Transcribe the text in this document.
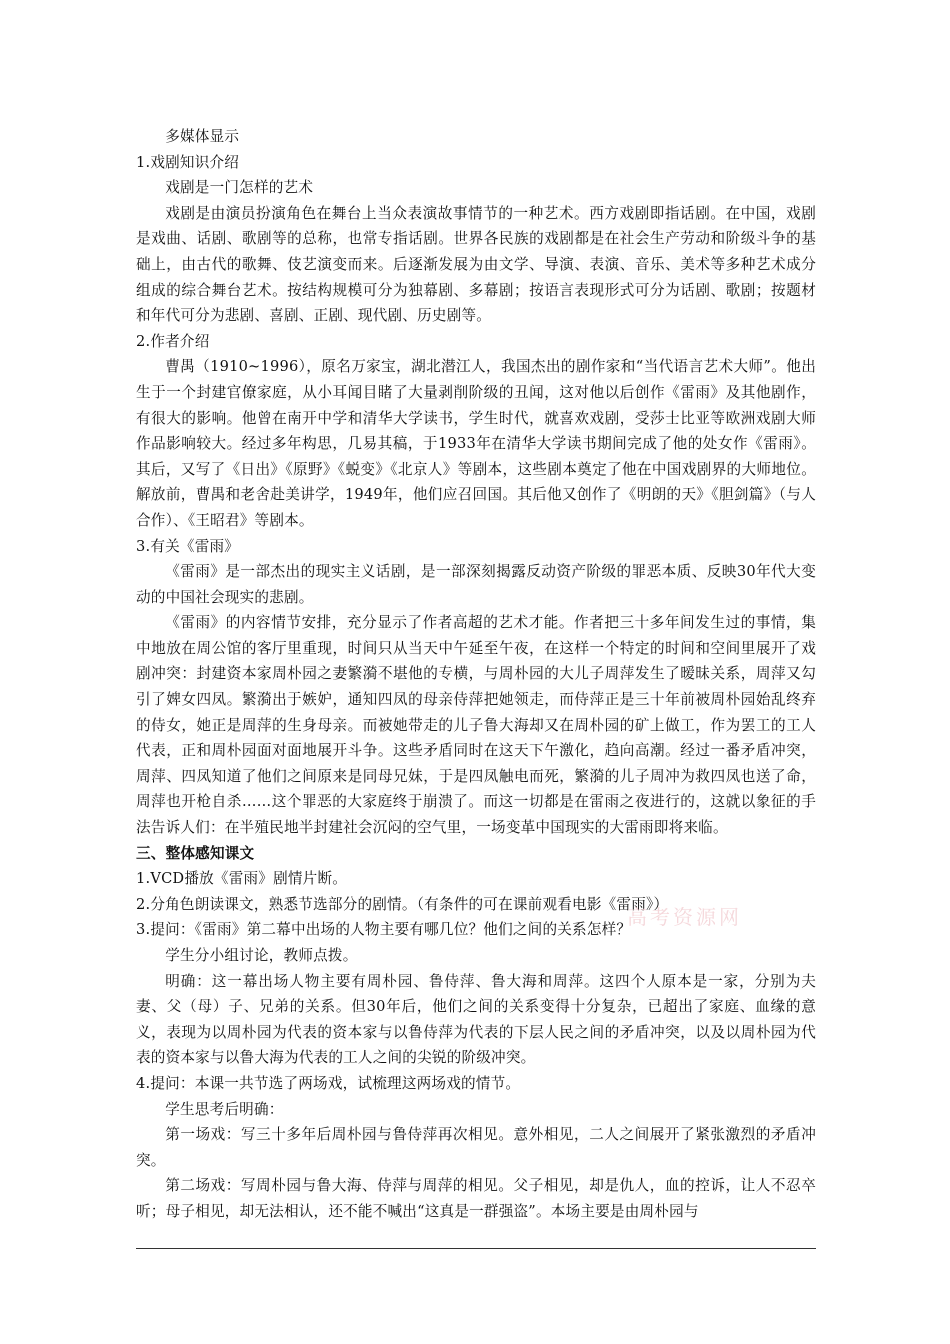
多媒体显示
1.戏剧知识介绍
戏剧是一门怎样的艺术
戏剧是由演员扮演角色在舞台上当众表演故事情节的一种艺术。西方戏剧即指话剧。在中国，戏剧是戏曲、话剧、歌剧等的总称，也常专指话剧。世界各民族的戏剧都是在社会生产劳动和阶级斗争的基础上，由古代的歌舞、伎艺演变而来。后逐渐发展为由文学、导演、表演、音乐、美术等多种艺术成分组成的综合舞台艺术。按结构规模可分为独幕剧、多幕剧；按语言表现形式可分为话剧、歌剧；按题材和年代可分为悲剧、喜剧、正剧、现代剧、历史剧等。
2.作者介绍
曹禺（1910~1996），原名万家宝，湖北潜江人，我国杰出的剧作家和“当代语言艺术大师”。他出生于一个封建官僚家庭，从小耳闻目睹了大量剥削阶级的丑闻，这对他以后创作《雷雨》及其他剧作，有很大的影响。他曾在南开中学和清华大学读书，学生时代，就喜欢戏剧，受莎士比亚等欧洲戏剧大师作品影响较大。经过多年构思，几易其稿，于1933年在清华大学读书期间完成了他的处女作《雷雨》。其后，又写了《日出》《原野》《蜕变》《北京人》等剧本，这些剧本奠定了他在中国戏剧界的大师地位。解放前，曹禺和老舍赴美讲学，1949年，他们应召回国。其后他又创作了《明朗的天》《胆剑篇》（与人合作）、《王昭君》等剧本。
3.有关《雷雨》
《雷雨》是一部杰出的现实主义话剧，是一部深刻揭露反动资产阶级的罪恶本质、反映30年代大变动的中国社会现实的悲剧。
《雷雨》的内容情节安排，充分显示了作者高超的艺术才能。作者把三十多年间发生过的事情，集中地放在周公馆的客厅里重现，时间只从当天中午延至午夜，在这样一个特定的时间和空间里展开了戏剧冲突：封建资本家周朴园之妻繁漪不堪他的专横，与周朴园的大儿子周萍发生了暧昧关系，周萍又勾引了婢女四凤。繁漪出于嫉妒，通知四凤的母亲侍萍把她领走，而侍萍正是三十年前被周朴园始乱终弃的侍女，她正是周萍的生身母亲。而被她带走的儿子鲁大海却又在周朴园的矿上做工，作为罢工的工人代表，正和周朴园面对面地展开斗争。这些矛盾同时在这天下午激化，趋向高潮。经过一番矛盾冲突，周萍、四凤知道了他们之间原来是同母兄妹，于是四凤触电而死，繁漪的儿子周冲为救四凤也送了命，周萍也开枪自杀……这个罪恶的大家庭终于崩溃了。而这一切都是在雷雨之夜进行的，这就以象征的手法告诉人们：在半殖民地半封建社会沉闷的空气里，一场变革中国现实的大雷雨即将来临。
三、整体感知课文
1.VCD播放《雷雨》剧情片断。
2.分角色朗读课文，熟悉节选部分的剧情。（有条件的可在课前观看电影《雷雨》）
3.提问：《雷雨》第二幕中出场的人物主要有哪几位？他们之间的关系怎样？
学生分小组讨论，教师点拨。
明确：这一幕出场人物主要有周朴园、鲁侍萍、鲁大海和周萍。这四个人原本是一家，分别为夫妻、父（母）子、兄弟的关系。但30年后，他们之间的关系变得十分复杂，已超出了家庭、血缘的意义，表现为以周朴园为代表的资本家与以鲁侍萍为代表的下层人民之间的矛盾冲突，以及以周朴园为代表的资本家与以鲁大海为代表的工人之间的尖锐的阶级冲突。
4.提问：本课一共节选了两场戏，试梳理这两场戏的情节。
学生思考后明确：
第一场戏：写三十多年后周朴园与鲁侍萍再次相见。意外相见，二人之间展开了紧张激烈的矛盾冲突。
第二场戏：写周朴园与鲁大海、侍萍与周萍的相见。父子相见，却是仇人，血的控诉，让人不忍卒听；母子相见，却无法相认，还不能不喊出“这真是一群强盗”。本场主要是由周朴园与
高考资源网
